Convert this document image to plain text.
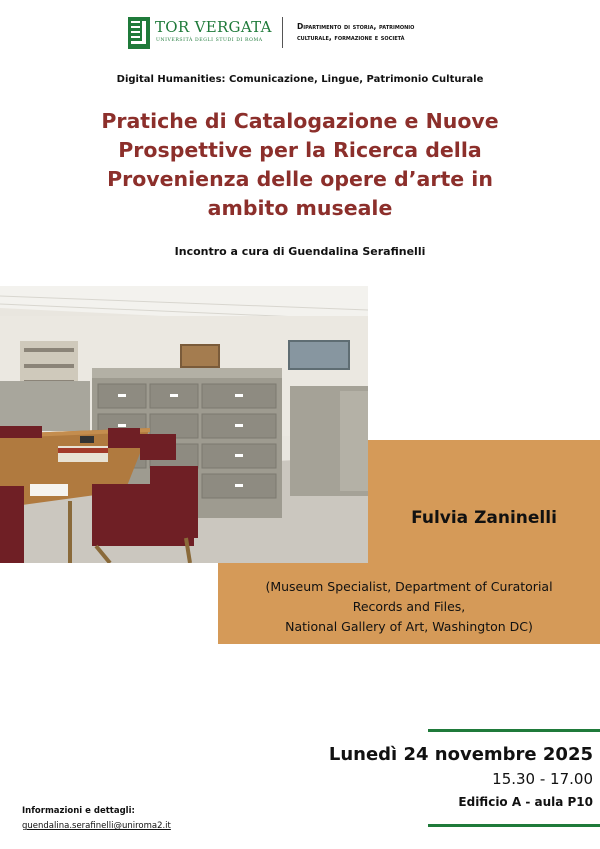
TOR VERGATA
UNIVERSITÀ DEGLI STUDI DI ROMA
Dipartimento di storia, patrimonio
culturale, formazione e società
Digital Humanities: Comunicazione, Lingue, Patrimonio Culturale
Pratiche di Catalogazione e Nuove
Prospettive per la Ricerca della
Provenienza delle opere d’arte in
ambito museale
Incontro a cura di Guendalina Serafinelli
Fulvia Zaninelli
(Museum Specialist, Department of Curatorial
Records and Files,
National Gallery of Art, Washington DC)
Lunedì 24 novembre 2025
15.30 - 17.00
Edificio A - aula P10
Informazioni e dettagli:
guendalina.serafinelli@uniroma2.it
